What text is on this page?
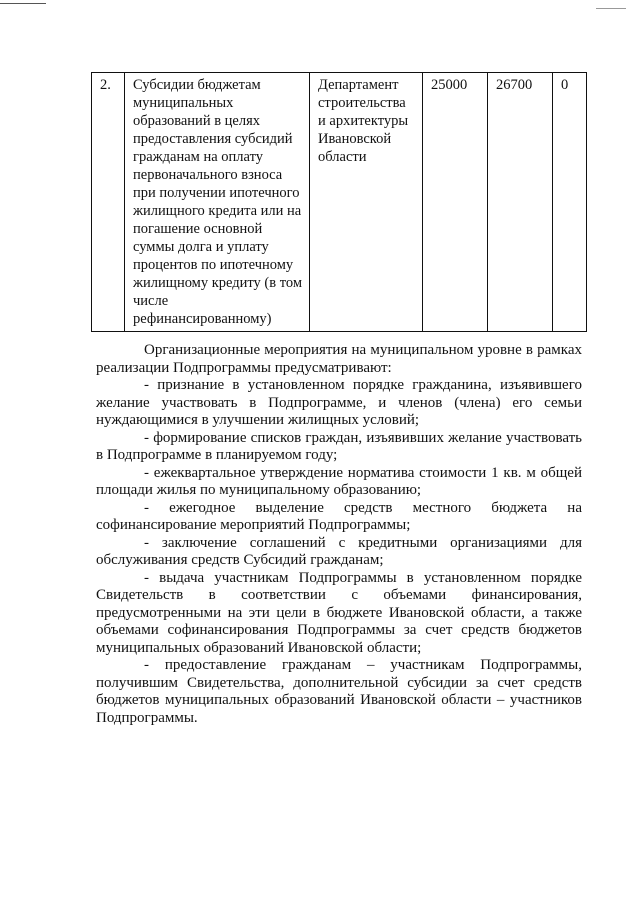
2.	Субсидии бюджетам муниципальных образований в целях предоставления субсидий гражданам на оплату первоначального взноса при получении ипотечного жилищного кредита или на погашение основной суммы долга и уплату процентов по ипотечному жилищному кредиту (в том числе рефинансированному)	Департамент строительства и архитектуры Ивановской области	25000	26700	0

Организационные мероприятия на муниципальном уровне в рамках реализации Подпрограммы предусматривают:

- признание в установленном порядке гражданина, изъявившего желание участвовать в Подпрограмме, и членов (члена) его семьи нуждающимися в улучшении жилищных условий;

- формирование списков граждан, изъявивших желание участвовать в Подпрограмме в планируемом году;

- ежеквартальное утверждение норматива стоимости 1 кв. м общей площади жилья по муниципальному образованию;

- ежегодное выделение средств местного бюджета на софинансирование мероприятий Подпрограммы;

- заключение соглашений с кредитными организациями для обслуживания средств Субсидий гражданам;

- выдача участникам Подпрограммы в установленном порядке Свидетельств в соответствии с объемами финансирования, предусмотренными на эти цели в бюджете Ивановской области, а также объемами софинансирования Подпрограммы за счет средств бюджетов муниципальных образований Ивановской области;

- предоставление гражданам – участникам Подпрограммы, получившим Свидетельства, дополнительной субсидии за счет средств бюджетов муниципальных образований Ивановской области – участников Подпрограммы.
